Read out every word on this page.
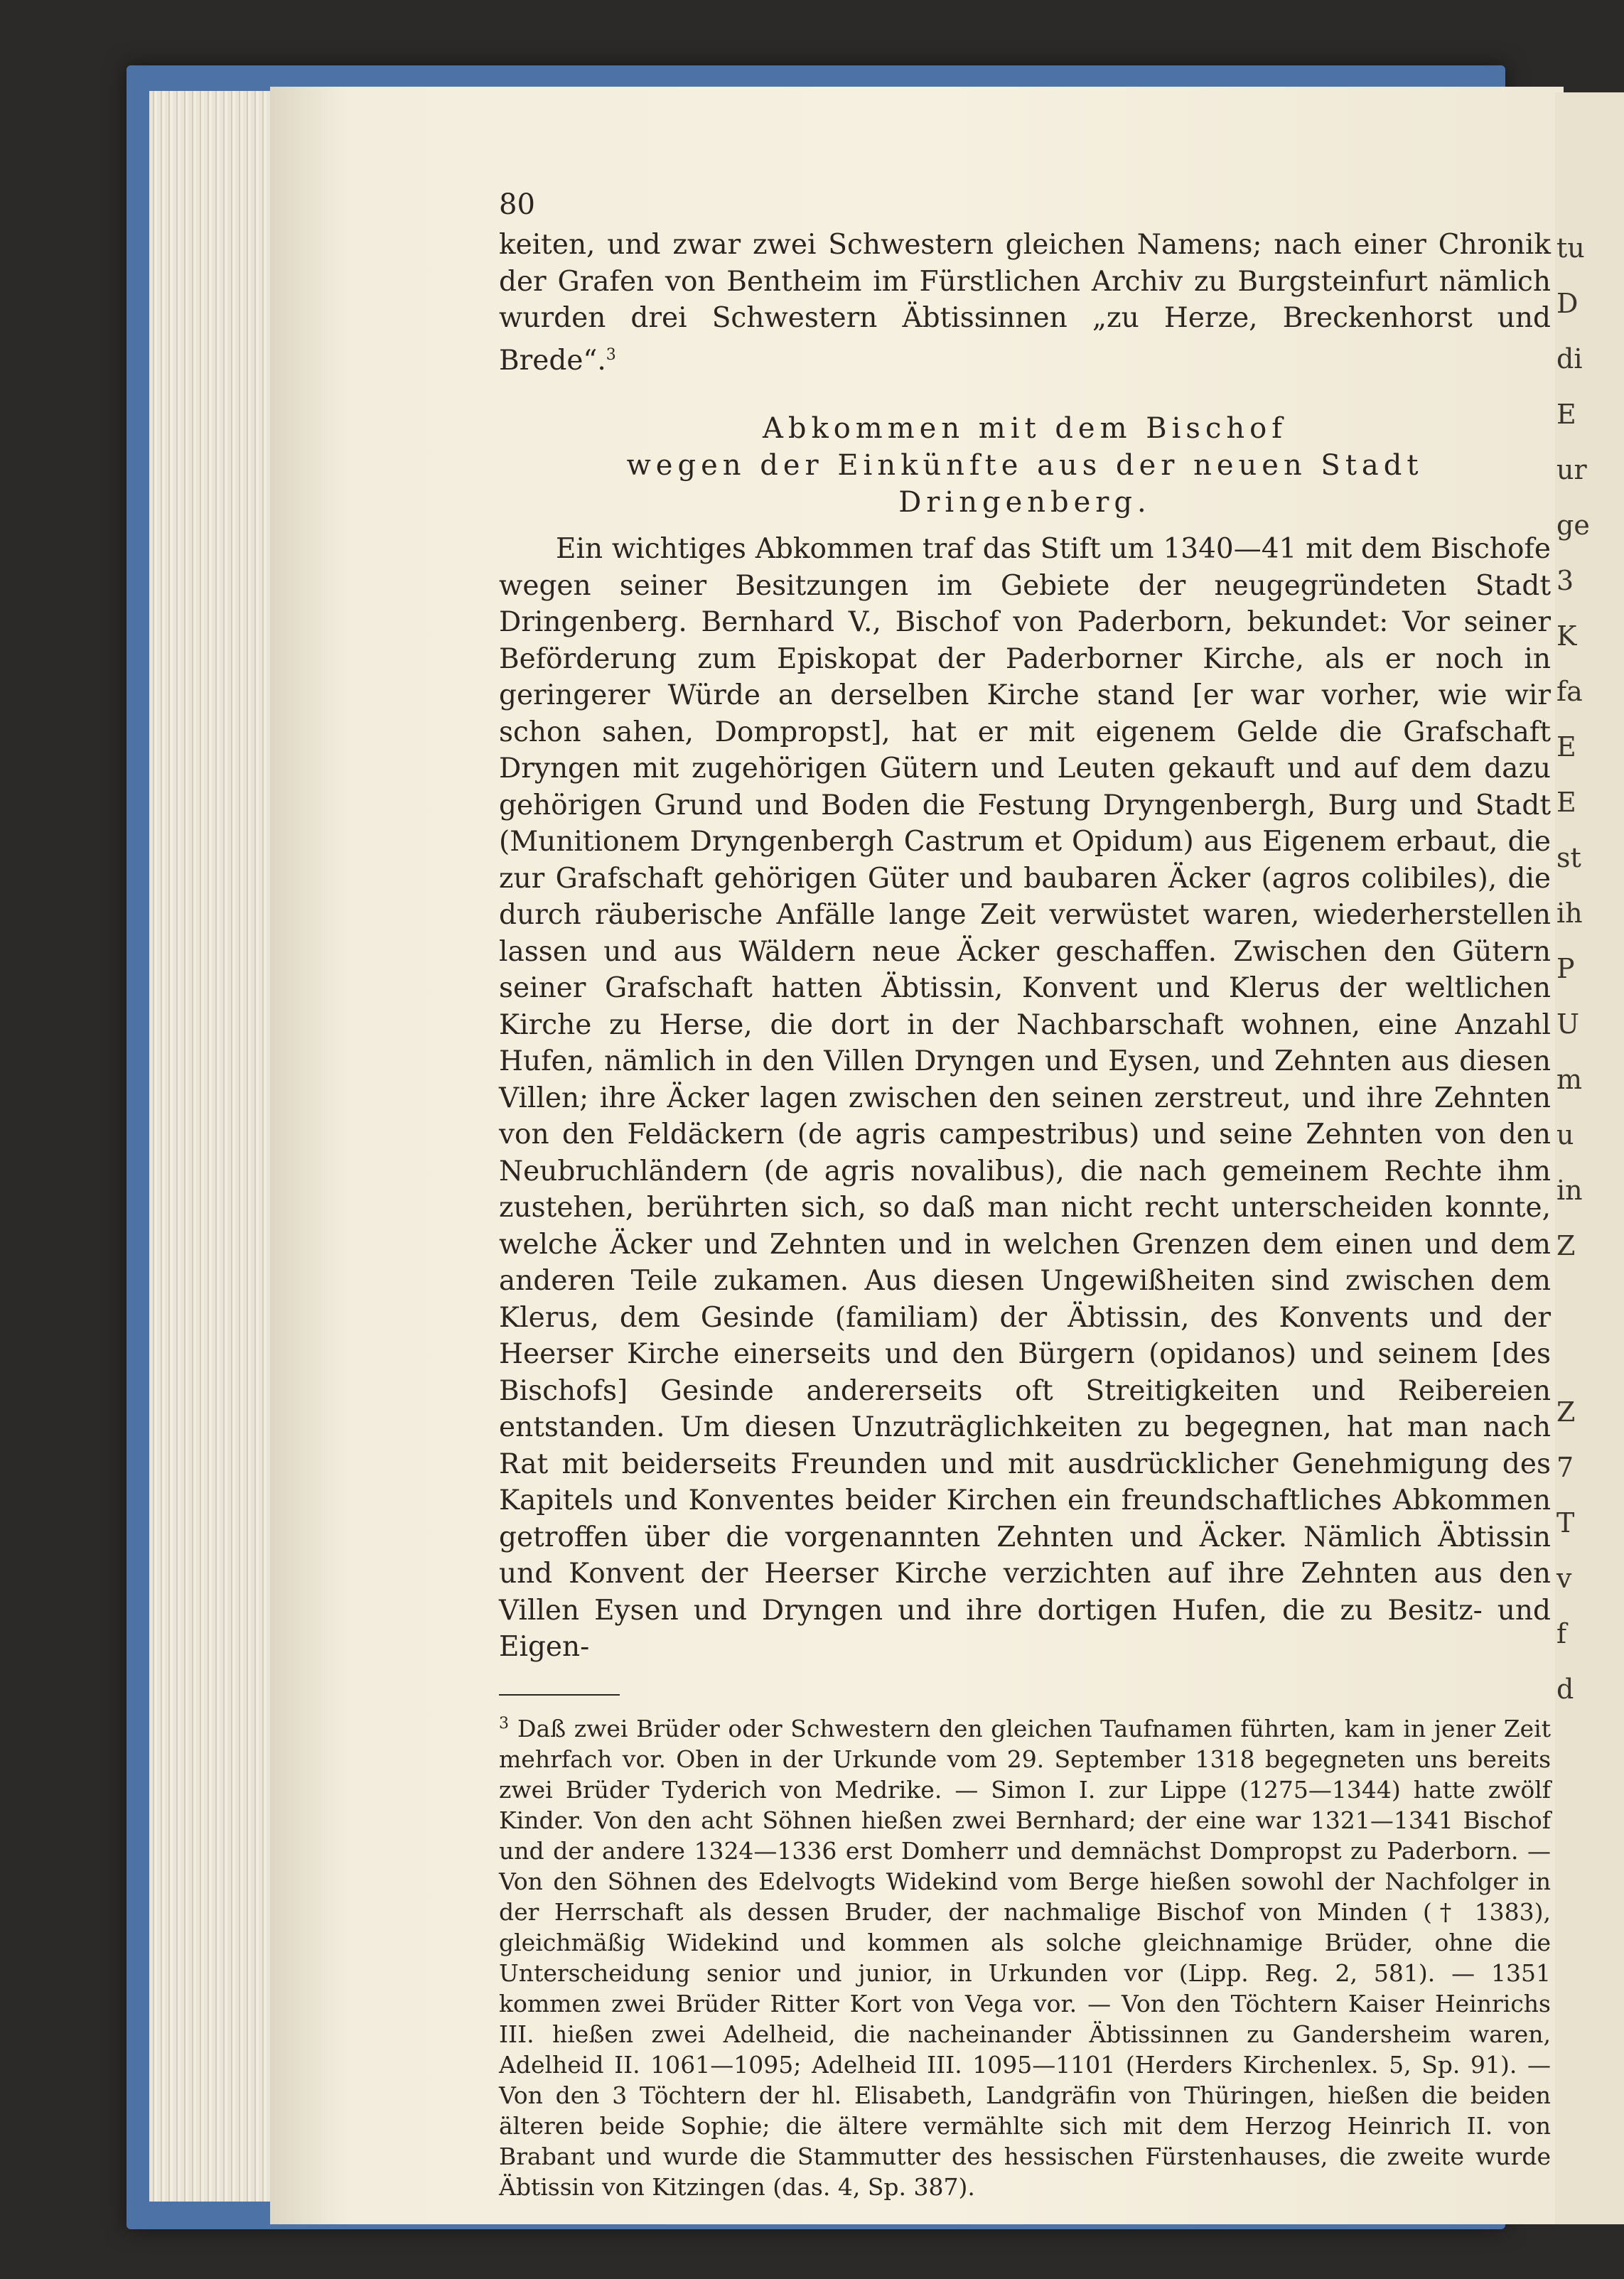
tu
D
di
E
ur
ge
3
K
fa
E
E
st
ih
P
U
m
u
in
Z

Z
7
T
v
f
d
80

keiten, und zwar zwei Schwestern gleichen Namens; nach einer Chronik der Grafen von Bentheim im Fürstlichen Archiv zu Burgsteinfurt nämlich wurden drei Schwestern Äbtissinnen „zu Herze, Breckenhorst und Brede“.$^3$

Abkommen mit dem Bischof
wegen der Einkünfte aus der neuen Stadt Dringenberg.

Ein wichtiges Abkommen traf das Stift um 1340—41 mit dem Bischofe wegen seiner Besitzungen im Gebiete der neugegründeten Stadt Dringenberg. Bernhard V., Bischof von Paderborn, bekundet: Vor seiner Beförderung zum Episkopat der Paderborner Kirche, als er noch in geringerer Würde an derselben Kirche stand [er war vorher, wie wir schon sahen, Dompropst], hat er mit eigenem Gelde die Grafschaft Dryngen mit zugehörigen Gütern und Leuten gekauft und auf dem dazu gehörigen Grund und Boden die Festung Dryngenbergh, Burg und Stadt (Munitionem Dryngenbergh Castrum et Opidum) aus Eigenem erbaut, die zur Grafschaft gehörigen Güter und baubaren Äcker (agros colibiles), die durch räuberische Anfälle lange Zeit verwüstet waren, wiederherstellen lassen und aus Wäldern neue Äcker geschaffen. Zwischen den Gütern seiner Grafschaft hatten Äbtissin, Konvent und Klerus der weltlichen Kirche zu Herse, die dort in der Nachbarschaft wohnen, eine Anzahl Hufen, nämlich in den Villen Dryngen und Eysen, und Zehnten aus diesen Villen; ihre Äcker lagen zwischen den seinen zerstreut, und ihre Zehnten von den Feldäckern (de agris campestribus) und seine Zehnten von den Neubruchländern (de agris novalibus), die nach gemeinem Rechte ihm zustehen, berührten sich, so daß man nicht recht unterscheiden konnte, welche Äcker und Zehnten und in welchen Grenzen dem einen und dem anderen Teile zukamen. Aus diesen Ungewißheiten sind zwischen dem Klerus, dem Gesinde (familiam) der Äbtissin, des Konvents und der Heerser Kirche einerseits und den Bürgern (opidanos) und seinem [des Bischofs] Gesinde andererseits oft Streitigkeiten und Reibereien entstanden. Um diesen Unzuträglichkeiten zu begegnen, hat man nach Rat mit beiderseits Freunden und mit ausdrücklicher Genehmigung des Kapitels und Konventes beider Kirchen ein freundschaftliches Abkommen getroffen über die vorgenannten Zehnten und Äcker. Nämlich Äbtissin und Konvent der Heerser Kirche verzichten auf ihre Zehnten aus den Villen Eysen und Dryngen und ihre dortigen Hufen, die zu Besitz- und Eigen-

$^3$ Daß zwei Brüder oder Schwestern den gleichen Taufnamen führten, kam in jener Zeit mehrfach vor. Oben in der Urkunde vom 29. September 1318 begegneten uns bereits zwei Brüder Tyderich von Medrike. — Simon I. zur Lippe (1275—1344) hatte zwölf Kinder. Von den acht Söhnen hießen zwei Bernhard; der eine war 1321—1341 Bischof und der andere 1324—1336 erst Domherr und demnächst Dompropst zu Paderborn. — Von den Söhnen des Edelvogts Widekind vom Berge hießen sowohl der Nachfolger in der Herrschaft als dessen Bruder, der nachmalige Bischof von Minden († 1383), gleichmäßig Widekind und kommen als solche gleichnamige Brüder, ohne die Unterscheidung senior und junior, in Urkunden vor (Lipp. Reg. 2, 581). — 1351 kommen zwei Brüder Ritter Kort von Vega vor. — Von den Töchtern Kaiser Heinrichs III. hießen zwei Adelheid, die nacheinander Äbtissinnen zu Gandersheim waren, Adelheid II. 1061—1095; Adelheid III. 1095—1101 (Herders Kirchenlex. 5, Sp. 91). — Von den 3 Töchtern der hl. Elisabeth, Landgräfin von Thüringen, hießen die beiden älteren beide Sophie; die ältere vermählte sich mit dem Herzog Heinrich II. von Brabant und wurde die Stammutter des hessischen Fürstenhauses, die zweite wurde Äbtissin von Kitzingen (das. 4, Sp. 387).
